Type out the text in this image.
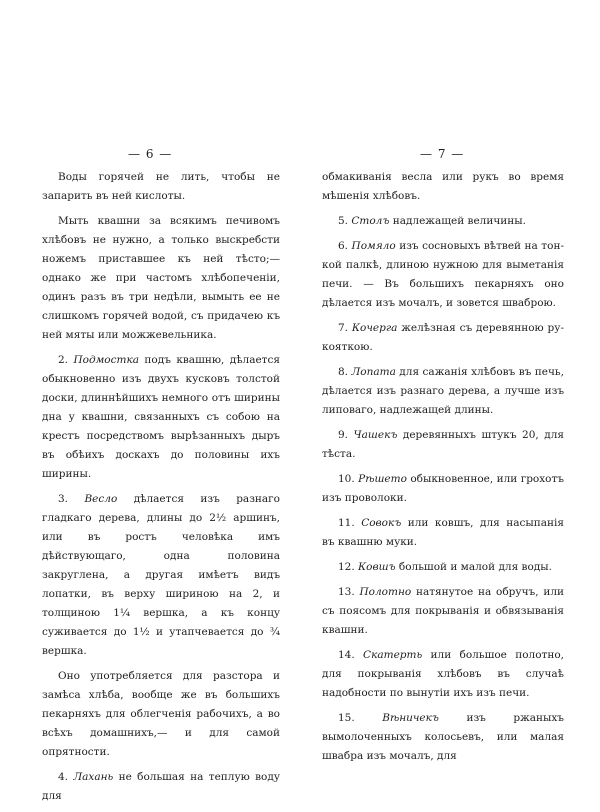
— 6 —

Воды горячей не лить, чтобы не запарить въ ней кислоты.

Мыть квашни за всякимъ печивомъ хлѣбовъ не нужно, а только выскребсти ножемъ приставшее къ ней тѣсто;—однако же при частомъ хлѣбопеченіи, одинъ разъ въ три недѣли, вымыть ее не слишкомъ горячей водой, съ придачею къ ней мяты или можжевельника.

2. Подмостка подъ квашню, дѣлается обыкновенно изъ двухъ кусковъ толстой доски, длиннѣйшихъ немного отъ ширины дна у квашни, связанныхъ съ собою на крестъ посредствомъ вырѣзанныхъ дыръ въ обѣихъ доскахъ до половины ихъ ширины.

3. Весло дѣлается изъ разнаго гладкаго дерева, длины до 2½ аршинъ, или въ ростъ человѣка имъ дѣйствующаго, одна половина закруглена, а другая имѣетъ видъ лопатки, въ верху шириною на 2, и толщиною 1¼ вершка, а къ концу суживается до 1½ и утапчевается до ¾ вершка.

Оно употребляется для разстора и замѣса хлѣба, вообще же въ большихъ пекарняхъ для облегченія рабочихъ, а во всѣхъ домашнихъ,— и для самой опрятности.

4. Лахань не большая на теплую воду для

— 7 —

обмакиванія весла или рукъ во время мѣшенія хлѣбовъ.

5. Столъ надлежащей величины.

6. Помяло изъ сосновыхъ вѣтвей на тонкой палкѣ, длиною нужною для выметанія печи. — Въ большихъ пекарняхъ оно дѣлается изъ мочалъ, и зовется шваброю.

7. Кочерга желѣзная съ деревянною рукояткою.

8. Лопата для сажанія хлѣбовъ въ печь, дѣлается изъ разнаго дерева, а лучше изъ липоваго, надлежащей длины.

9. Чашекъ деревянныхъ штукъ 20, для тѣста.

10. Рѣшето обыкновенное, или грохотъ изъ проволоки.

11. Совокъ или ковшъ, для насыпанія въ квашню муки.

12. Ковшъ большой и малой для воды.

13. Полотно натянутое на обручъ, или съ поясомъ для покрыванія и обвязыванія квашни.

14. Скатерть или большое полотно, для покрыванія хлѣбовъ въ случаѣ надобности по вынутіи ихъ изъ печи.

15. Вѣничекъ изъ ржаныхъ вымолоченныхъ колосьевъ, или малая швабра изъ мочалъ, для
